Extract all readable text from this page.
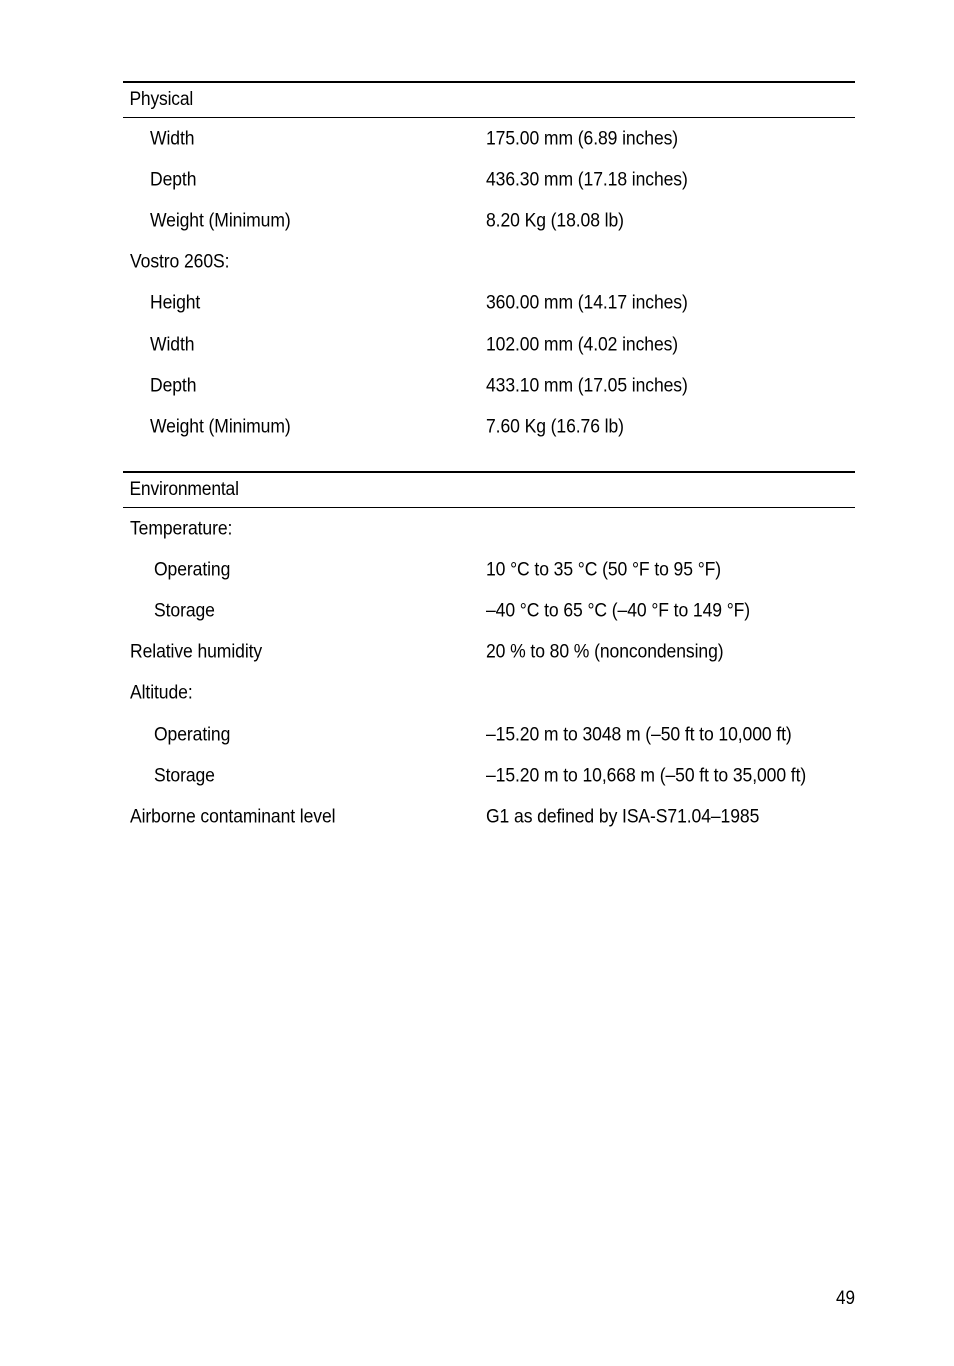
Physical
Width	175.00 mm (6.89 inches)
Depth	436.30 mm (17.18 inches)
Weight (Minimum)	8.20 Kg (18.08 lb)
Vostro 260S:
Height	360.00 mm (14.17 inches)
Width	102.00 mm (4.02 inches)
Depth	433.10 mm (17.05 inches)
Weight (Minimum)	7.60 Kg (16.76 lb)
Environmental
Temperature:
Operating	10 °C to 35 °C (50 °F to 95 °F)
Storage	–40 °C to 65 °C (–40 °F to 149 °F)
Relative humidity	20 % to 80 % (noncondensing)
Altitude:
Operating	–15.20 m to 3048 m (–50 ft to 10,000 ft)
Storage	–15.20 m to 10,668 m (–50 ft to 35,000 ft)
Airborne contaminant level	G1 as defined by ISA-S71.04–1985
49
